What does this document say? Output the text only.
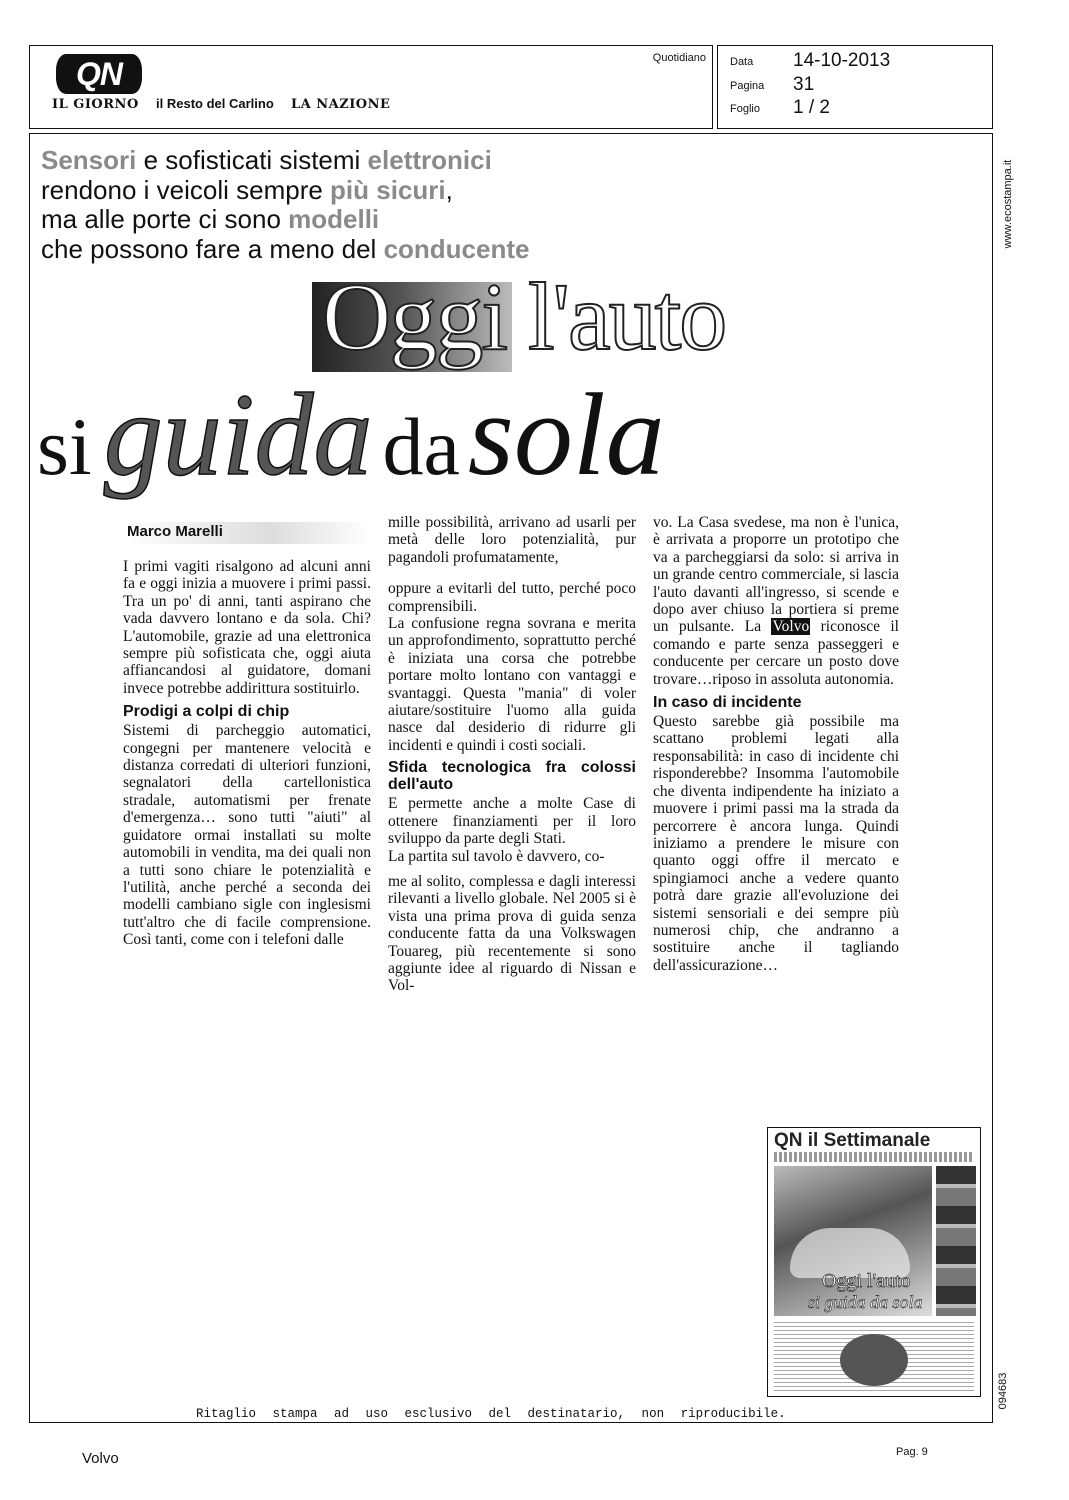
QN
IL GIORNO il Resto del Carlino LA NAZIONE
Quotidiano Data 14-10-2013
Pagina 31
Foglio 1 / 2
www.ecostampa.it
094683
Sensori e sofisticati sistemi elettronici
rendono i veicoli sempre più sicuri,
ma alle porte ci sono modelli
che possono fare a meno del conducente
Oggi l'auto
si guida da sola
Marco Marelli

I primi vagiti risalgono ad alcuni anni fa e oggi inizia a muovere i primi passi. Tra un po' di anni, tanti aspirano che vada davvero lontano e da sola. Chi? L'automobile, grazie ad una elettronica sempre più sofisticata che, oggi aiuta affiancandosi al guidatore, domani invece potrebbe addirittura sostituirlo.

Prodigi a colpi di chip

Sistemi di parcheggio automatici, congegni per mantenere velocità e distanza corredati di ulteriori funzioni, segnalatori della cartellonistica stradale, automatismi per frenate d'emergenza… sono tutti "aiuti" al guidatore ormai installati su molte automobili in vendita, ma dei quali non a tutti sono chiare le potenzialità e l'utilità, anche perché a seconda dei modelli cambiano sigle con inglesismi tutt'altro che di facile comprensione. Così tanti, come con i telefoni dalle

mille possibilità, arrivano ad usarli per metà delle loro potenzialità, pur pagandoli profumatamente,

oppure a evitarli del tutto, perché poco comprensibili.

La confusione regna sovrana e merita un approfondimento, soprattutto perché è iniziata una corsa che potrebbe portare molto lontano con vantaggi e svantaggi. Questa "mania" di voler aiutare/sostituire l'uomo alla guida nasce dal desiderio di ridurre gli incidenti e quindi i costi sociali.

Sfida tecnologica fra colossi dell'auto

E permette anche a molte Case di ottenere finanziamenti per il loro sviluppo da parte degli Stati.

La partita sul tavolo è davvero, co-

me al solito, complessa e dagli interessi rilevanti a livello globale. Nel 2005 si è vista una prima prova di guida senza conducente fatta da una Volkswagen Touareg, più recentemente si sono aggiunte idee al riguardo di Nissan e Vol-

vo. La Casa svedese, ma non è l'unica, è arrivata a proporre un prototipo che va a parcheggiarsi da solo: si arriva in un grande centro commerciale, si lascia l'auto davanti all'ingresso, si scende e dopo aver chiuso la portiera si preme un pulsante. La Volvo riconosce il comando e parte senza passeggeri e conducente per cercare un posto dove trovare…riposo in assoluta autonomia.

In caso di incidente

Questo sarebbe già possibile ma scattano problemi legati alla responsabilità: in caso di incidente chi risponderebbe? Insomma l'automobile che diventa indipendente ha iniziato a muovere i primi passi ma la strada da percorrere è ancora lunga. Quindi iniziamo a prendere le misure con quanto oggi offre il mercato e spingiamoci anche a vedere quanto potrà dare grazie all'evoluzione dei sistemi sensoriali e dei sempre più numerosi chip, che andranno a sostituire anche il tagliando dell'assicurazione…

QN il Settimanale
Oggi l'auto
si guida da sola
Ritaglio stampa ad uso esclusivo del destinatario, non riproducibile.
Volvo	Pag. 9
